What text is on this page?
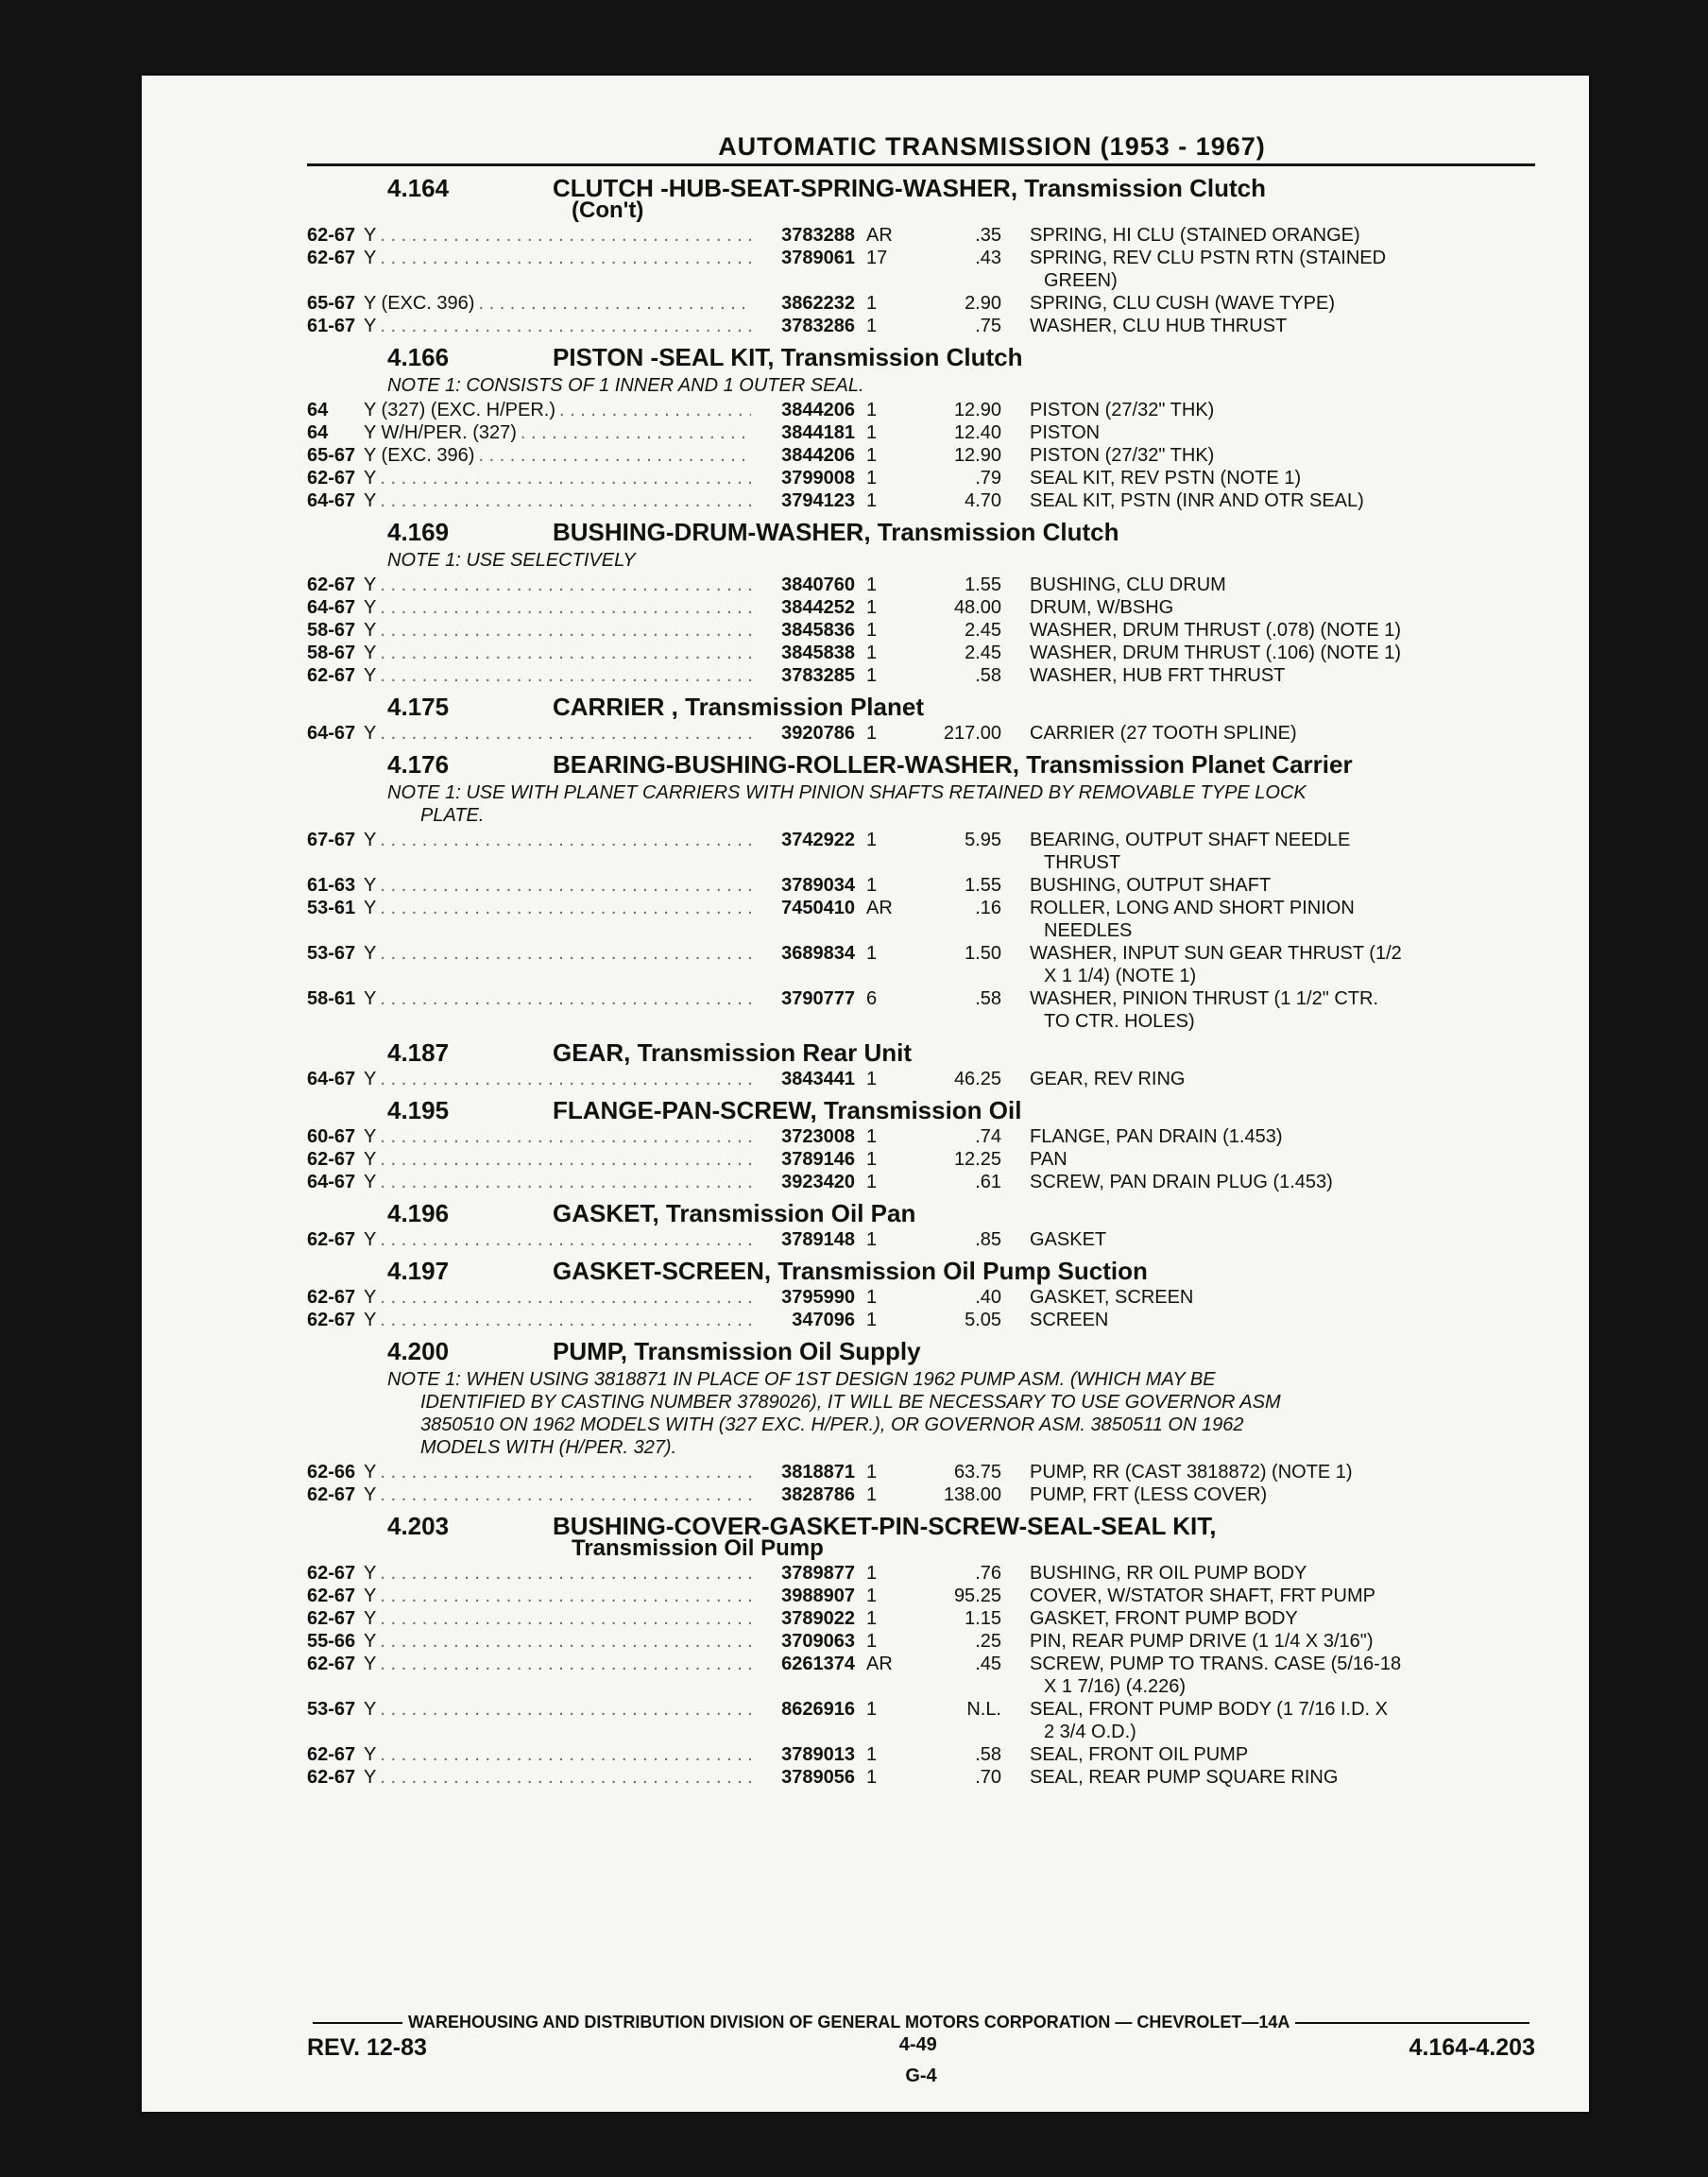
AUTOMATIC TRANSMISSION (1953 - 1967)
4.164	CLUTCH -HUB-SEAT-SPRING-WASHER, Transmission Clutch
(Con't)
62-67 Y . . .	3783288 AR	.35 SPRING, HI CLU (STAINED ORANGE)
62-67 Y . . .	3789061 17	.43 SPRING, REV CLU PSTN RTN (STAINED
GREEN)
65-67 Y (EXC. 396) . . .	3862232 1	2.90 SPRING, CLU CUSH (WAVE TYPE)
61-67 Y . . .	3783286 1	.75 WASHER, CLU HUB THRUST
4.166	PISTON -SEAL KIT, Transmission Clutch
NOTE 1: CONSISTS OF 1 INNER AND 1 OUTER SEAL.
64	Y (327) (EXC. H/PER.) . . .	3844206 1	12.90 PISTON (27/32" THK)
64	Y W/H/PER. (327) . . .	3844181 1	12.40 PISTON
65-67 Y (EXC. 396) . . .	3844206 1	12.90 PISTON (27/32" THK)
62-67 Y . . .	3799008 1	.79 SEAL KIT, REV PSTN (NOTE 1)
64-67 Y . . .	3794123 1	4.70 SEAL KIT, PSTN (INR AND OTR SEAL)
4.169	BUSHING-DRUM-WASHER, Transmission Clutch
NOTE 1: USE SELECTIVELY
62-67 Y . . .	3840760 1	1.55 BUSHING, CLU DRUM
64-67 Y . . .	3844252 1	48.00 DRUM, W/BSHG
58-67 Y . . .	3845836 1	2.45 WASHER, DRUM THRUST (.078) (NOTE 1)
58-67 Y . . .	3845838 1	2.45 WASHER, DRUM THRUST (.106) (NOTE 1)
62-67 Y . . .	3783285 1	.58 WASHER, HUB FRT THRUST
4.175	CARRIER , Transmission Planet
64-67 Y . . .	3920786 1	217.00 CARRIER (27 TOOTH SPLINE)
4.176	BEARING-BUSHING-ROLLER-WASHER, Transmission Planet Carrier
NOTE 1: USE WITH PLANET CARRIERS WITH PINION SHAFTS RETAINED BY REMOVABLE TYPE LOCK
PLATE.
67-67 Y . . .	3742922 1	5.95 BEARING, OUTPUT SHAFT NEEDLE
THRUST
61-63 Y . . .	3789034 1	1.55 BUSHING, OUTPUT SHAFT
53-61 Y . . .	7450410 AR	.16 ROLLER, LONG AND SHORT PINION
NEEDLES
53-67 Y . . .	3689834 1	1.50 WASHER, INPUT SUN GEAR THRUST (1/2
X 1 1/4) (NOTE 1)
58-61 Y . . .	3790777 6	.58 WASHER, PINION THRUST (1 1/2" CTR.
TO CTR. HOLES)
4.187	GEAR, Transmission Rear Unit
64-67 Y . . .	3843441 1	46.25 GEAR, REV RING
4.195	FLANGE-PAN-SCREW, Transmission Oil
60-67 Y . . .	3723008 1	.74 FLANGE, PAN DRAIN (1.453)
62-67 Y . . .	3789146 1	12.25 PAN
64-67 Y . . .	3923420 1	.61 SCREW, PAN DRAIN PLUG (1.453)
4.196	GASKET, Transmission Oil Pan
62-67 Y . . .	3789148 1	.85 GASKET
4.197	GASKET-SCREEN, Transmission Oil Pump Suction
62-67 Y . . .	3795990 1	.40 GASKET, SCREEN
62-67 Y . . .	347096 1	5.05 SCREEN
4.200	PUMP, Transmission Oil Supply
NOTE 1: WHEN USING 3818871 IN PLACE OF 1ST DESIGN 1962 PUMP ASM. (WHICH MAY BE
IDENTIFIED BY CASTING NUMBER 3789026), IT WILL BE NECESSARY TO USE GOVERNOR ASM
3850510 ON 1962 MODELS WITH (327 EXC. H/PER.), OR GOVERNOR ASM. 3850511 ON 1962
MODELS WITH (H/PER. 327).
62-66 Y . . .	3818871 1	63.75 PUMP, RR (CAST 3818872) (NOTE 1)
62-67 Y . . .	3828786 1	138.00 PUMP, FRT (LESS COVER)
4.203	BUSHING-COVER-GASKET-PIN-SCREW-SEAL-SEAL KIT,
Transmission Oil Pump
62-67 Y . . .	3789877 1	.76 BUSHING, RR OIL PUMP BODY
62-67 Y . . .	3988907 1	95.25 COVER, W/STATOR SHAFT, FRT PUMP
62-67 Y . . .	3789022 1	1.15 GASKET, FRONT PUMP BODY
55-66 Y . . .	3709063 1	.25 PIN, REAR PUMP DRIVE (1 1/4 X 3/16")
62-67 Y . . .	6261374 AR	.45 SCREW, PUMP TO TRANS. CASE (5/16-18
X 1 7/16) (4.226)
53-67 Y . . .	8626916 1	N.L. SEAL, FRONT PUMP BODY (1 7/16 I.D. X
2 3/4 O.D.)
62-67 Y . . .	3789013 1	.58 SEAL, FRONT OIL PUMP
62-67 Y . . .	3789056 1	.70 SEAL, REAR PUMP SQUARE RING
WAREHOUSING AND DISTRIBUTION DIVISION OF GENERAL MOTORS CORPORATION — CHEVROLET—14A
REV. 12-83	4-49	4.164-4.203
G-4
